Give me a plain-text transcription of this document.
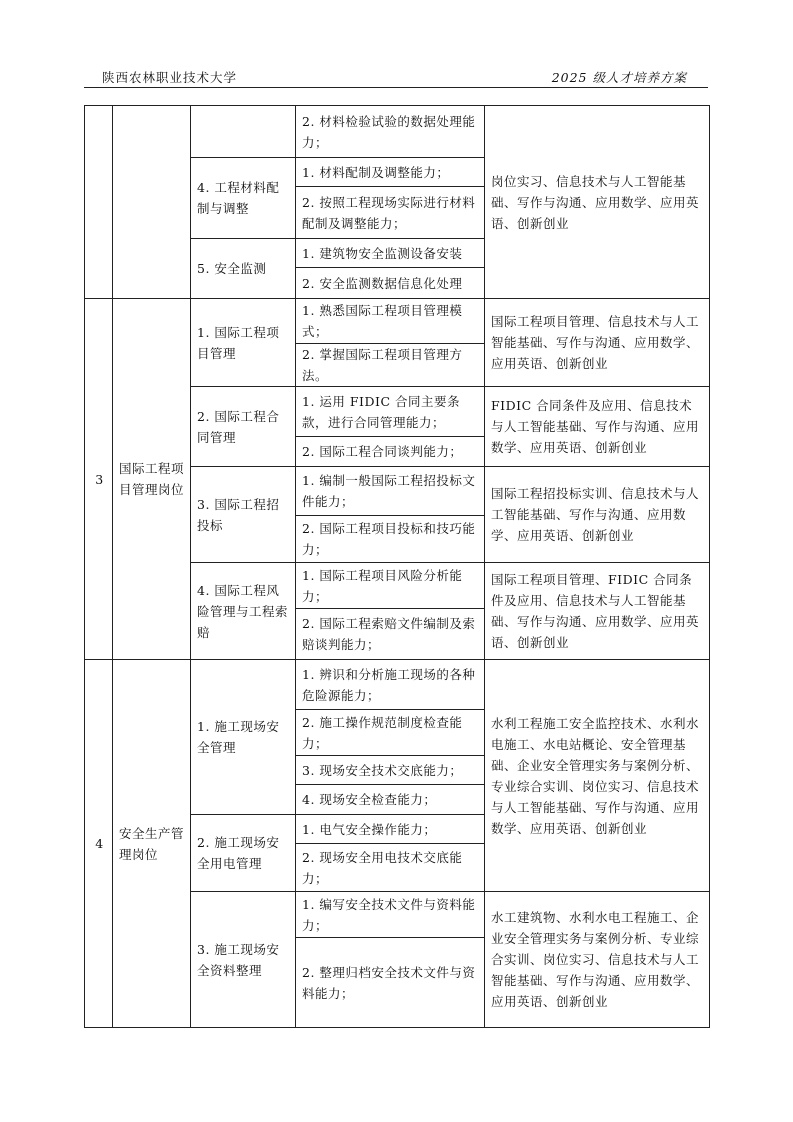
陕西农林职业技术大学	2025 级人才培养方案
			2. 材料检验试验的数据处理能力；	岗位实习、信息技术与人工智能基础、写作与沟通、应用数学、应用英语、创新创业
		4. 工程材料配制与调整	1. 材料配制及调整能力；	
			2. 按照工程现场实际进行材料配制及调整能力；	
		5. 安全监测	1. 建筑物安全监测设备安装	
			2. 安全监测数据信息化处理	
3	国际工程项目管理岗位	1. 国际工程项目管理	1. 熟悉国际工程项目管理模式；	国际工程项目管理、信息技术与人工智能基础、写作与沟通、应用数学、应用英语、创新创业
			2. 掌握国际工程项目管理方法。	
		2. 国际工程合同管理	1. 运用 FIDIC 合同主要条款，进行合同管理能力；	FIDIC 合同条件及应用、信息技术与人工智能基础、写作与沟通、应用数学、应用英语、创新创业
			2. 国际工程合同谈判能力；	
		3. 国际工程招投标	1. 编制一般国际工程招投标文件能力；	国际工程招投标实训、信息技术与人工智能基础、写作与沟通、应用数学、应用英语、创新创业
			2. 国际工程项目投标和技巧能力；	
		4. 国际工程风险管理与工程索赔	1. 国际工程项目风险分析能力；	国际工程项目管理、FIDIC 合同条件及应用、信息技术与人工智能基础、写作与沟通、应用数学、应用英语、创新创业
			2. 国际工程索赔文件编制及索赔谈判能力；	
4	安全生产管理岗位	1. 施工现场安全管理	1. 辨识和分析施工现场的各种危险源能力；	水利工程施工安全监控技术、水利水电施工、水电站概论、安全管理基础、企业安全管理实务与案例分析、专业综合实训、岗位实习、信息技术与人工智能基础、写作与沟通、应用数学、应用英语、创新创业
			2. 施工操作规范制度检查能力；	
			3. 现场安全技术交底能力；	
			4. 现场安全检查能力；	
		2. 施工现场安全用电管理	1. 电气安全操作能力；	
			2. 现场安全用电技术交底能力；	
		3. 施工现场安全资料整理	1. 编写安全技术文件与资料能力；	水工建筑物、水利水电工程施工、企业安全管理实务与案例分析、专业综合实训、岗位实习、信息技术与人工智能基础、写作与沟通、应用数学、应用英语、创新创业
			2. 整理归档安全技术文件与资料能力；	
